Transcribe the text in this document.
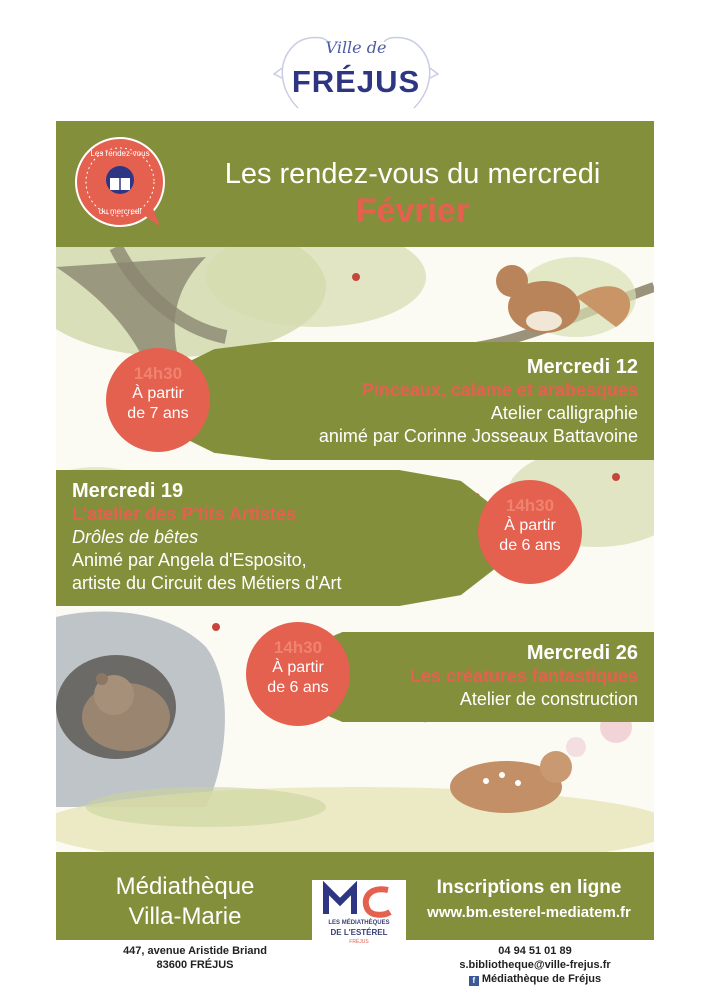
Ville de
FRÉJUS
Les rendez-vous
du mercredi
Les rendez-vous du mercredi
Février
14h30
À partir
de 7 ans
Mercredi 12
Pinceaux, calame et arabesques
Atelier calligraphie
animé par Corinne Josseaux Battavoine
14h30
À partir
de 6 ans
Mercredi 19
L'atelier des P'tits Artistes
Drôles de bêtes
Animé par Angela d'Esposito,
artiste du Circuit des Métiers d'Art
14h30
À partir
de 6 ans
Mercredi 26
Les créatures fantastiques
Atelier de construction
Médiathèque
Villa-Marie	LES MÉDIATHÈQUES
DE L'ESTÉREL
FRÉJUS
Inscriptions en ligne
www.bm.esterel-mediatem.fr
447, avenue Aristide Briand
83600 FRÉJUS
04 94 51 01 89
s.bibliotheque@ville-frejus.fr
f Médiathèque de Fréjus
